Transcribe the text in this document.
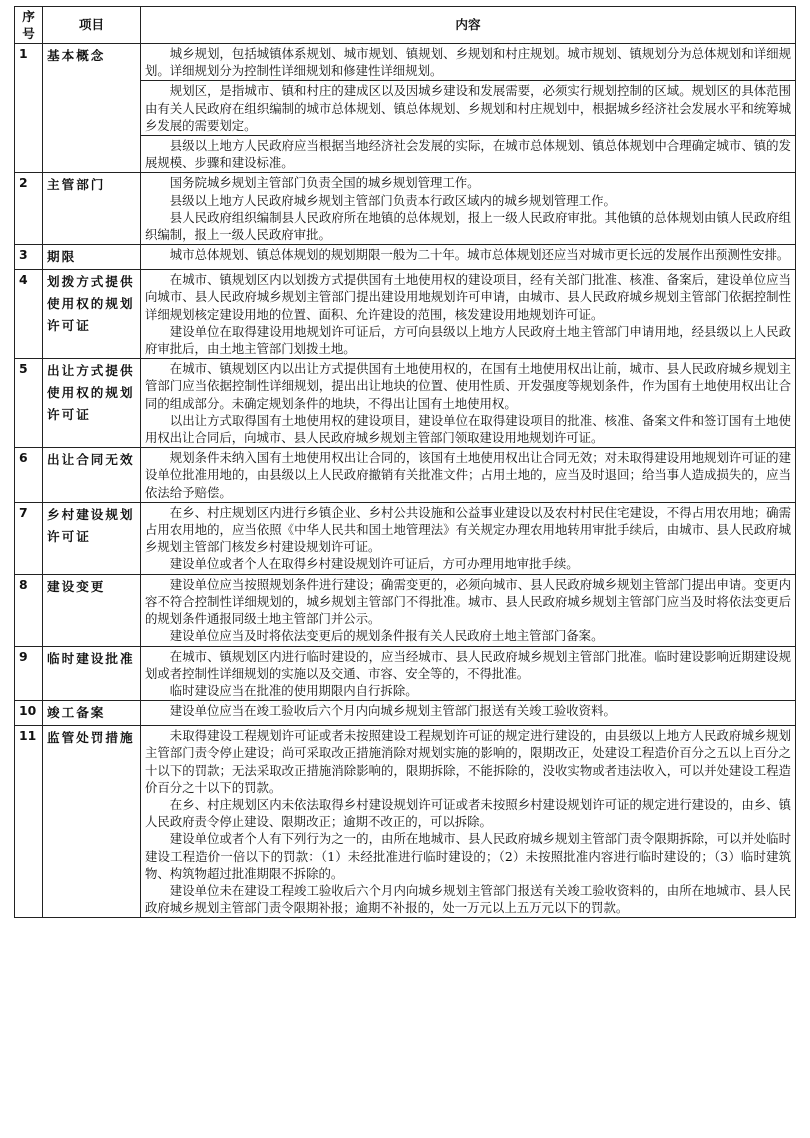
序号	项目	内容
1	基本概念	城乡规划，包括城镇体系规划、城市规划、镇规划、乡规划和村庄规划。城市规划、镇规划分为总体规划和详细规划。详细规划分为控制性详细规划和修建性详细规划。

		规划区，是指城市、镇和村庄的建成区以及因城乡建设和发展需要，必须实行规划控制的区域。规划区的具体范围由有关人民政府在组织编制的城市总体规划、镇总体规划、乡规划和村庄规划中，根据城乡经济社会发展水平和统筹城乡发展的需要划定。

		县级以上地方人民政府应当根据当地经济社会发展的实际，在城市总体规划、镇总体规划中合理确定城市、镇的发展规模、步骤和建设标准。

2	主管部门	国务院城乡规划主管部门负责全国的城乡规划管理工作。

县级以上地方人民政府城乡规划主管部门负责本行政区域内的城乡规划管理工作。

县人民政府组织编制县人民政府所在地镇的总体规划，报上一级人民政府审批。其他镇的总体规划由镇人民政府组织编制，报上一级人民政府审批。

3	期限	城市总体规划、镇总体规划的规划期限一般为二十年。城市总体规划还应当对城市更长远的发展作出预测性安排。

4	划拨方式提供使用权的规划许可证	在城市、镇规划区内以划拨方式提供国有土地使用权的建设项目，经有关部门批准、核准、备案后，建设单位应当向城市、县人民政府城乡规划主管部门提出建设用地规划许可申请，由城市、县人民政府城乡规划主管部门依据控制性详细规划核定建设用地的位置、面积、允许建设的范围，核发建设用地规划许可证。

建设单位在取得建设用地规划许可证后，方可向县级以上地方人民政府土地主管部门申请用地，经县级以上人民政府审批后，由土地主管部门划拨土地。

5	出让方式提供使用权的规划许可证	在城市、镇规划区内以出让方式提供国有土地使用权的，在国有土地使用权出让前，城市、县人民政府城乡规划主管部门应当依据控制性详细规划，提出出让地块的位置、使用性质、开发强度等规划条件，作为国有土地使用权出让合同的组成部分。未确定规划条件的地块，不得出让国有土地使用权。

以出让方式取得国有土地使用权的建设项目，建设单位在取得建设项目的批准、核准、备案文件和签订国有土地使用权出让合同后，向城市、县人民政府城乡规划主管部门领取建设用地规划许可证。

6	出让合同无效	规划条件未纳入国有土地使用权出让合同的，该国有土地使用权出让合同无效；对未取得建设用地规划许可证的建设单位批准用地的，由县级以上人民政府撤销有关批准文件；占用土地的，应当及时退回；给当事人造成损失的，应当依法给予赔偿。

7	乡村建设规划许可证	在乡、村庄规划区内进行乡镇企业、乡村公共设施和公益事业建设以及农村村民住宅建设，不得占用农用地；确需占用农用地的，应当依照《中华人民共和国土地管理法》有关规定办理农用地转用审批手续后，由城市、县人民政府城乡规划主管部门核发乡村建设规划许可证。

建设单位或者个人在取得乡村建设规划许可证后，方可办理用地审批手续。

8	建设变更	建设单位应当按照规划条件进行建设；确需变更的，必须向城市、县人民政府城乡规划主管部门提出申请。变更内容不符合控制性详细规划的，城乡规划主管部门不得批准。城市、县人民政府城乡规划主管部门应当及时将依法变更后的规划条件通报同级土地主管部门并公示。

建设单位应当及时将依法变更后的规划条件报有关人民政府土地主管部门备案。

9	临时建设批准	在城市、镇规划区内进行临时建设的，应当经城市、县人民政府城乡规划主管部门批准。临时建设影响近期建设规划或者控制性详细规划的实施以及交通、市容、安全等的，不得批准。

临时建设应当在批准的使用期限内自行拆除。

10	竣工备案	建设单位应当在竣工验收后六个月内向城乡规划主管部门报送有关竣工验收资料。

11	监管处罚措施	未取得建设工程规划许可证或者未按照建设工程规划许可证的规定进行建设的，由县级以上地方人民政府城乡规划主管部门责令停止建设；尚可采取改正措施消除对规划实施的影响的，限期改正，处建设工程造价百分之五以上百分之十以下的罚款；无法采取改正措施消除影响的，限期拆除，不能拆除的，没收实物或者违法收入，可以并处建设工程造价百分之十以下的罚款。

在乡、村庄规划区内未依法取得乡村建设规划许可证或者未按照乡村建设规划许可证的规定进行建设的，由乡、镇人民政府责令停止建设、限期改正；逾期不改正的，可以拆除。

建设单位或者个人有下列行为之一的，由所在地城市、县人民政府城乡规划主管部门责令限期拆除，可以并处临时建设工程造价一倍以下的罚款：（1）未经批准进行临时建设的；（2）未按照批准内容进行临时建设的；（3）临时建筑物、构筑物超过批准期限不拆除的。

建设单位未在建设工程竣工验收后六个月内向城乡规划主管部门报送有关竣工验收资料的，由所在地城市、县人民政府城乡规划主管部门责令限期补报；逾期不补报的，处一万元以上五万元以下的罚款。
